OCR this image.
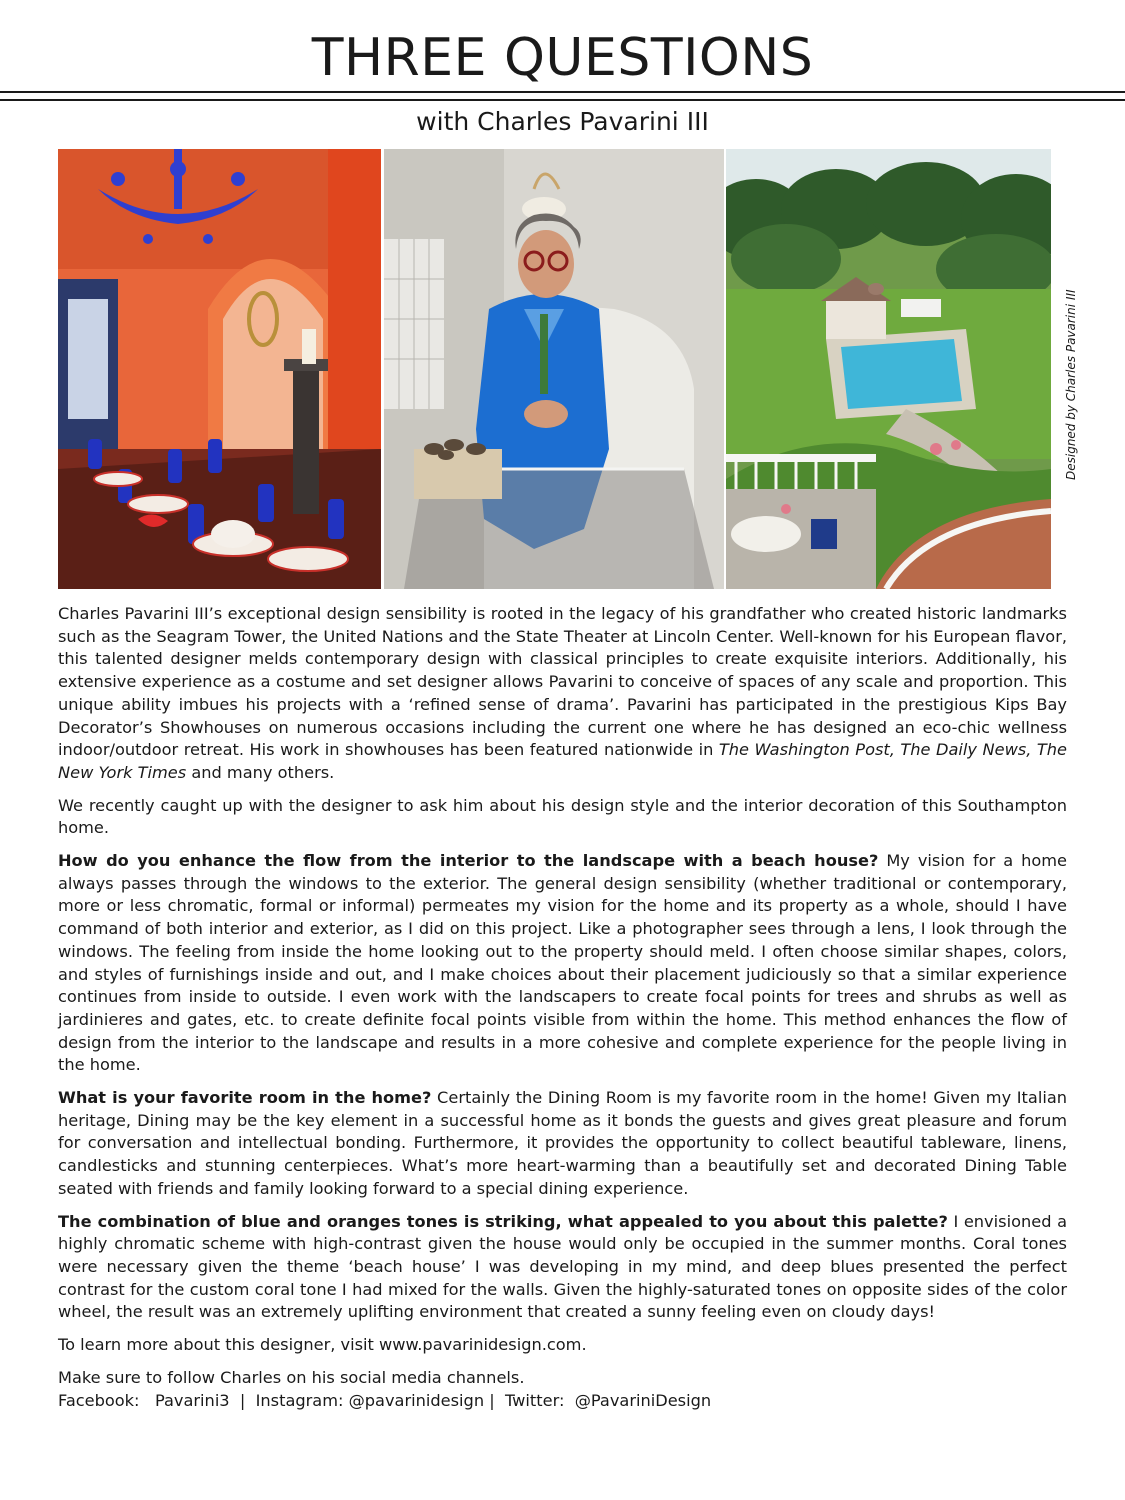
THREE QUESTIONS
with Charles Pavarini III
Designed by Charles Pavarini III

Charles Pavarini III’s exceptional design sensibility is rooted in the legacy of his grandfather who created historic landmarks such as the Seagram Tower, the United Nations and the State Theater at Lincoln Center. Well-known for his European flavor, this talented designer melds contemporary design with classical principles to create exquisite interiors. Additionally, his extensive experience as a costume and set designer allows Pavarini to conceive of spaces of any scale and proportion. This unique ability imbues his projects with a ‘refined sense of drama’. Pavarini has participated in the prestigious Kips Bay Decorator’s Showhouses on numerous occasions including the current one where he has designed an eco-chic wellness indoor/outdoor retreat. His work in showhouses has been featured nationwide in The Washington Post, The Daily News, The New York Times and many others.

We recently caught up with the designer to ask him about his design style and the interior decoration of this Southampton home.

How do you enhance the flow from the interior to the landscape with a beach house? My vision for a home always passes through the windows to the exterior. The general design sensibility (whether traditional or contemporary, more or less chromatic, formal or informal) permeates my vision for the home and its property as a whole, should I have command of both interior and exterior, as I did on this project. Like a photographer sees through a lens, I look through the windows. The feeling from inside the home looking out to the property should meld. I often choose similar shapes, colors, and styles of furnishings inside and out, and I make choices about their placement judiciously so that a similar experience continues from inside to outside. I even work with the landscapers to create focal points for trees and shrubs as well as jardinieres and gates, etc. to create definite focal points visible from within the home. This method enhances the flow of design from the interior to the landscape and results in a more cohesive and complete experience for the people living in the home.

What is your favorite room in the home? Certainly the Dining Room is my favorite room in the home! Given my Italian heritage, Dining may be the key element in a successful home as it bonds the guests and gives great pleasure and forum for conversation and intellectual bonding. Furthermore, it provides the opportunity to collect beautiful tableware, linens, candlesticks and stunning centerpieces. What’s more heart-warming than a beautifully set and decorated Dining Table seated with friends and family looking forward to a special dining experience.

The combination of blue and oranges tones is striking, what appealed to you about this palette? I envisioned a highly chromatic scheme with high-contrast given the house would only be occupied in the summer months. Coral tones were necessary given the theme ‘beach house’ I was developing in my mind, and deep blues presented the perfect contrast for the custom coral tone I had mixed for the walls. Given the highly-saturated tones on opposite sides of the color wheel, the result was an extremely uplifting environment that created a sunny feeling even on cloudy days!

To learn more about this designer, visit www.pavarinidesign.com.

Make sure to follow Charles on his social media channels.

Facebook:   Pavarini3  |  Instagram: @pavarinidesign |  Twitter:  @PavariniDesign
